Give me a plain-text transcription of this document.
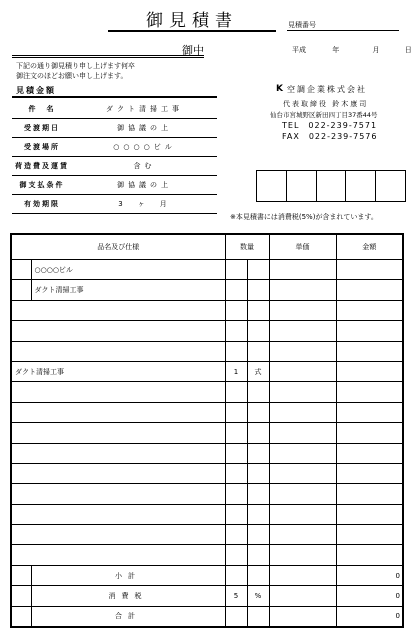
御見積書	見積番号
御中	平成	年	月	日
下記の通り御見積り申し上げます何卒
御注文のほどお願い申し上げます。
見積金額
件　名	ダクト清掃工事
受渡期日	御協議の上
受渡場所	○○○○ビル
荷造費及運賃	含む
御支払条件	御協議の上
有効期限	3　ヶ　月
K 空調企業株式会社
代表取締役 鈴木康司
仙台市宮城野区新田四丁目37番44号
TEL　022-239-7571
FAX　022-239-7576
※本見積書には消費税(5%)が含まれています。
品名及び仕様		数量		単価	金額
	○○○○ビル				
	ダクト清掃工事				

ダクト清掃工事		1	式		

	小計				0
	消費税	5	%		0
	合計				0
